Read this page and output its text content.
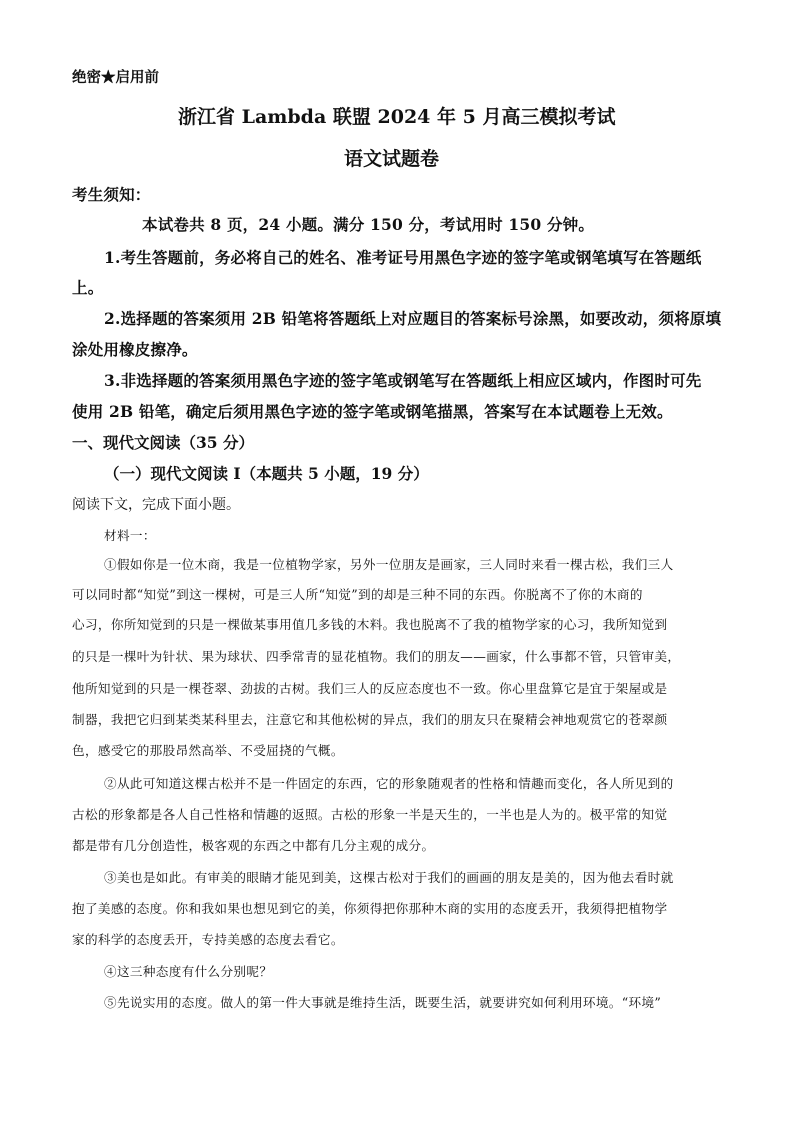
绝密★启用前
浙江省 Lambda 联盟 2024 年 5 月高三模拟考试
语文试题卷
考生须知：
本试卷共 8 页，24 小题。满分 150 分，考试用时 150 分钟。
1.考生答题前，务必将自己的姓名、准考证号用黑色字迹的签字笔或钢笔填写在答题纸
上。
2.选择题的答案须用 2B 铅笔将答题纸上对应题目的答案标号涂黑，如要改动，须将原填
涂处用橡皮擦净。
3.非选择题的答案须用黑色字迹的签字笔或钢笔写在答题纸上相应区域内，作图时可先
使用 2B 铅笔，确定后须用黑色字迹的签字笔或钢笔描黑，答案写在本试题卷上无效。
一、现代文阅读（35 分）
（一）现代文阅读 I（本题共 5 小题，19 分）
阅读下文，完成下面小题。
材料一：
①假如你是一位木商，我是一位植物学家，另外一位朋友是画家，三人同时来看一棵古松，我们三人
可以同时都“知觉”到这一棵树，可是三人所“知觉”到的却是三种不同的东西。你脱离不了你的木商的
心习，你所知觉到的只是一棵做某事用值几多钱的木料。我也脱离不了我的植物学家的心习，我所知觉到
的只是一棵叶为针状、果为球状、四季常青的显花植物。我们的朋友——画家，什么事都不管，只管审美，
他所知觉到的只是一棵苍翠、劲拔的古树。我们三人的反应态度也不一致。你心里盘算它是宜于架屋或是
制器，我把它归到某类某科里去，注意它和其他松树的异点，我们的朋友只在聚精会神地观赏它的苍翠颜
色，感受它的那股昂然高举、不受屈挠的气概。
②从此可知道这棵古松并不是一件固定的东西，它的形象随观者的性格和情趣而变化，各人所见到的
古松的形象都是各人自己性格和情趣的返照。古松的形象一半是天生的，一半也是人为的。极平常的知觉
都是带有几分创造性，极客观的东西之中都有几分主观的成分。
③美也是如此。有审美的眼睛才能见到美，这棵古松对于我们的画画的朋友是美的，因为他去看时就
抱了美感的态度。你和我如果也想见到它的美，你须得把你那种木商的实用的态度丢开，我须得把植物学
家的科学的态度丢开，专持美感的态度去看它。
④这三种态度有什么分别呢？
⑤先说实用的态度。做人的第一件大事就是维持生活，既要生活，就要讲究如何利用环境。“环境”
